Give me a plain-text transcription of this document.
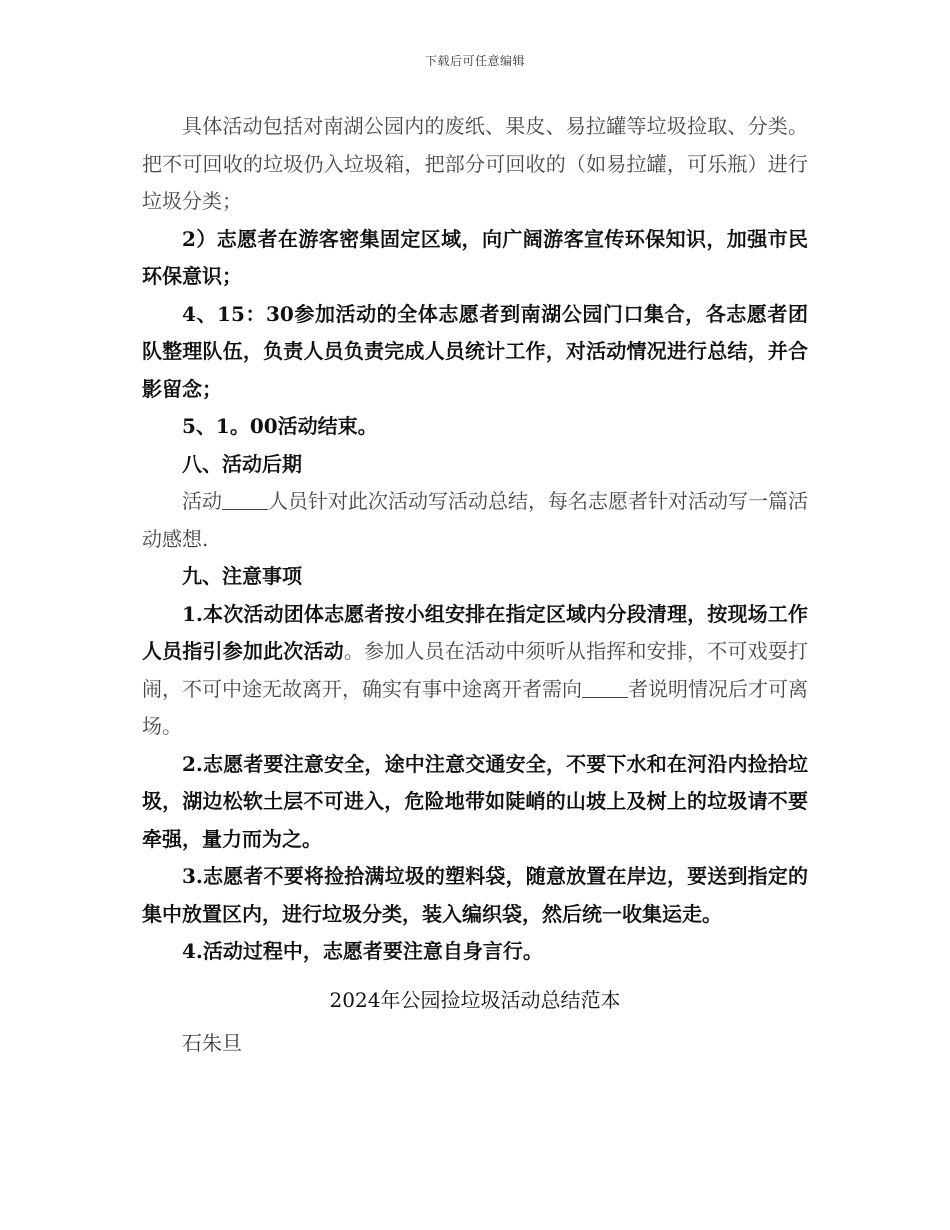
下载后可任意编辑

具体活动包括对南湖公园内的废纸、果皮、易拉罐等垃圾捡取、分类。把不可回收的垃圾仍入垃圾箱，把部分可回收的（如易拉罐，可乐瓶）进行垃圾分类；

2）志愿者在游客密集固定区域，向广阔游客宣传环保知识，加强市民环保意识；

4、15：30参加活动的全体志愿者到南湖公园门口集合，各志愿者团队整理队伍，负责人员负责完成人员统计工作，对活动情况进行总结，并合影留念；

5、1。00活动结束。

八、活动后期

活动 人员针对此次活动写活动总结，每名志愿者针对活动写一篇活动感想.

九、注意事项

1.本次活动团体志愿者按小组安排在指定区域内分段清理，按现场工作人员指引参加此次活动。参加人员在活动中须听从指挥和安排，不可戏耍打闹，不可中途无故离开，确实有事中途离开者需向 者说明情况后才可离场。

2.志愿者要注意安全，途中注意交通安全，不要下水和在河沿内捡拾垃圾，湖边松软土层不可进入，危险地带如陡峭的山坡上及树上的垃圾请不要牵强，量力而为之。

3.志愿者不要将捡拾满垃圾的塑料袋，随意放置在岸边，要送到指定的集中放置区内，进行垃圾分类，装入编织袋，然后统一收集运走。

4.活动过程中，志愿者要注意自身言行。

2024年公园捡垃圾活动总结范本

石朱旦
